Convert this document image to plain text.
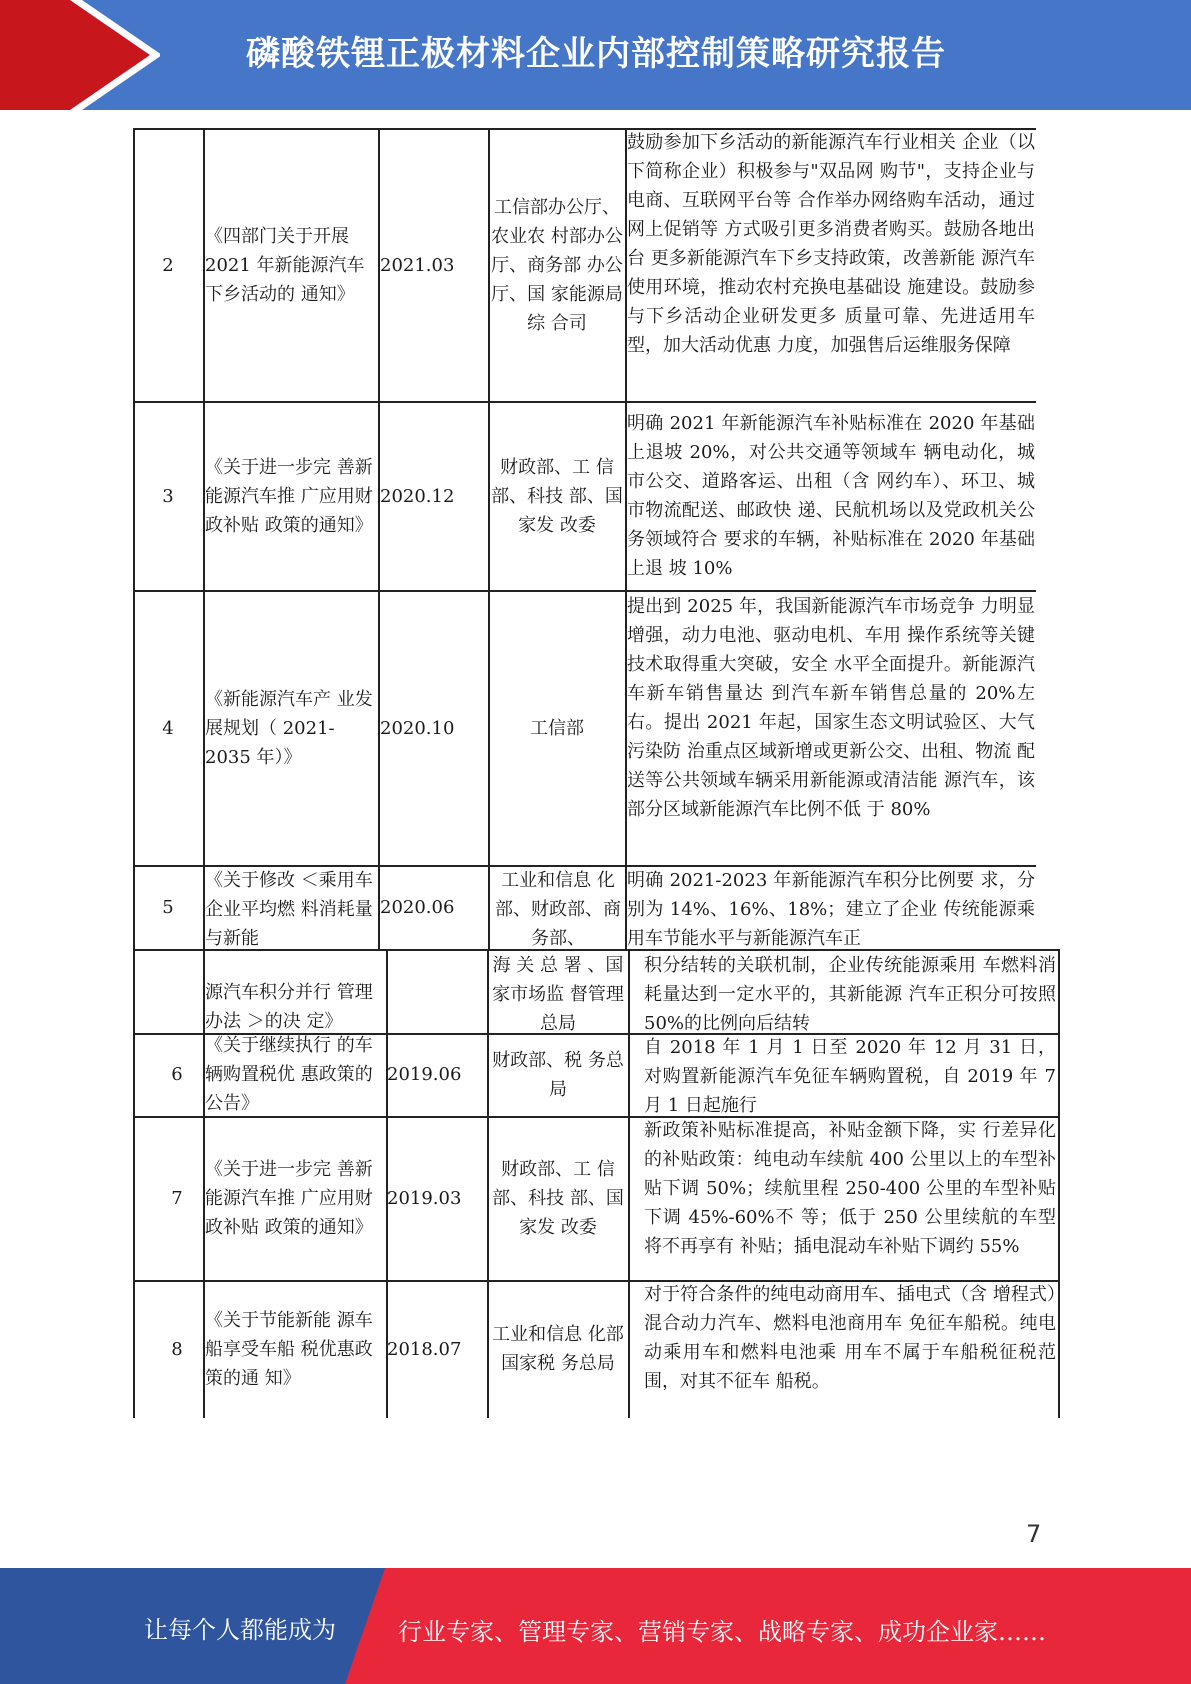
磷酸铁锂正极材料企业内部控制策略研究报告
2
《四部门关于开展 2021 年新能源汽车下乡活动的 通知》
2021.03
工信部办公厅、农业农 村部办公厅、商务部 办公厅、国 家能源局综 合司
鼓励参加下乡活动的新能源汽车行业相关 企业（以下简称企业）积极参与"双品网 购节"，支持企业与电商、互联网平台等 合作举办网络购车活动，通过网上促销等 方式吸引更多消费者购买。鼓励各地出台 更多新能源汽车下乡支持政策，改善新能 源汽车使用环境，推动农村充换电基础设 施建设。鼓励参与下乡活动企业研发更多 质量可靠、先进适用车型，加大活动优惠 力度，加强售后运维服务保障
3
《关于进一步完 善新能源汽车推 广应用财政补贴 政策的通知》
2020.12
财政部、工 信部、科技 部、国家发 改委
明确 2021 年新能源汽车补贴标准在 2020 年基础上退坡 20%，对公共交通等领域车 辆电动化，城市公交、道路客运、出租（含 网约车）、环卫、城市物流配送、邮政快 递、民航机场以及党政机关公务领域符合 要求的车辆，补贴标准在 2020 年基础上退 坡 10%
4
《新能源汽车产 业发展规划（ 2021-2035 年）》
2020.10	工信部
提出到 2025 年，我国新能源汽车市场竞争 力明显增强，动力电池、驱动电机、车用 操作系统等关键技术取得重大突破，安全 水平全面提升。新能源汽车新车销售量达 到汽车新车销售总量的 20%左右。提出 2021 年起，国家生态文明试验区、大气污染防 治重点区域新增或更新公交、出租、物流 配送等公共领域车辆采用新能源或清洁能 源汽车，该部分区域新能源汽车比例不低 于 80%
5
《关于修改 ＜乘用车企业平均燃 料消耗量与新能
2020.06
工业和信息 化部、财政部、商务部、
明确 2021-2023 年新能源汽车积分比例要 求，分别为 14%、16%、18%；建立了企业 传统能源乘用车节能水平与新能源汽车正
源汽车积分并行 管理办法 ＞的决 定》
海 关 总 署 、国家市场监 督管理总局
积分结转的关联机制，企业传统能源乘用 车燃料消耗量达到一定水平的，其新能源 汽车正积分可按照 50%的比例向后结转
6
《关于继续执行 的车辆购置税优 惠政策的公告》
2019.06
财政部、税 务总局
自 2018 年 1 月 1 日至 2020 年 12 月 31 日， 对购置新能源汽车免征车辆购置税，自 2019 年 7 月 1 日起施行
7
《关于进一步完 善新能源汽车推 广应用财政补贴 政策的通知》
2019.03
财政部、工 信部、科技 部、国家发 改委
新政策补贴标准提高，补贴金额下降，实 行差异化的补贴政策：纯电动车续航 400 公里以上的车型补贴下调 50%；续航里程 250-400 公里的车型补贴下调 45%-60%不 等；低于 250 公里续航的车型将不再享有 补贴；插电混动车补贴下调约 55%
8
《关于节能新能 源车船享受车船 税优惠政策的通 知》
2018.07
工业和信息 化部国家税 务总局
对于符合条件的纯电动商用车、插电式（含 增程式）混合动力汽车、燃料电池商用车 免征车船税。纯电动乘用车和燃料电池乘 用车不属于车船税征税范围，对其不征车 船税。
7
让每个人都能成为	行业专家、管理专家、营销专家、战略专家、成功企业家……
